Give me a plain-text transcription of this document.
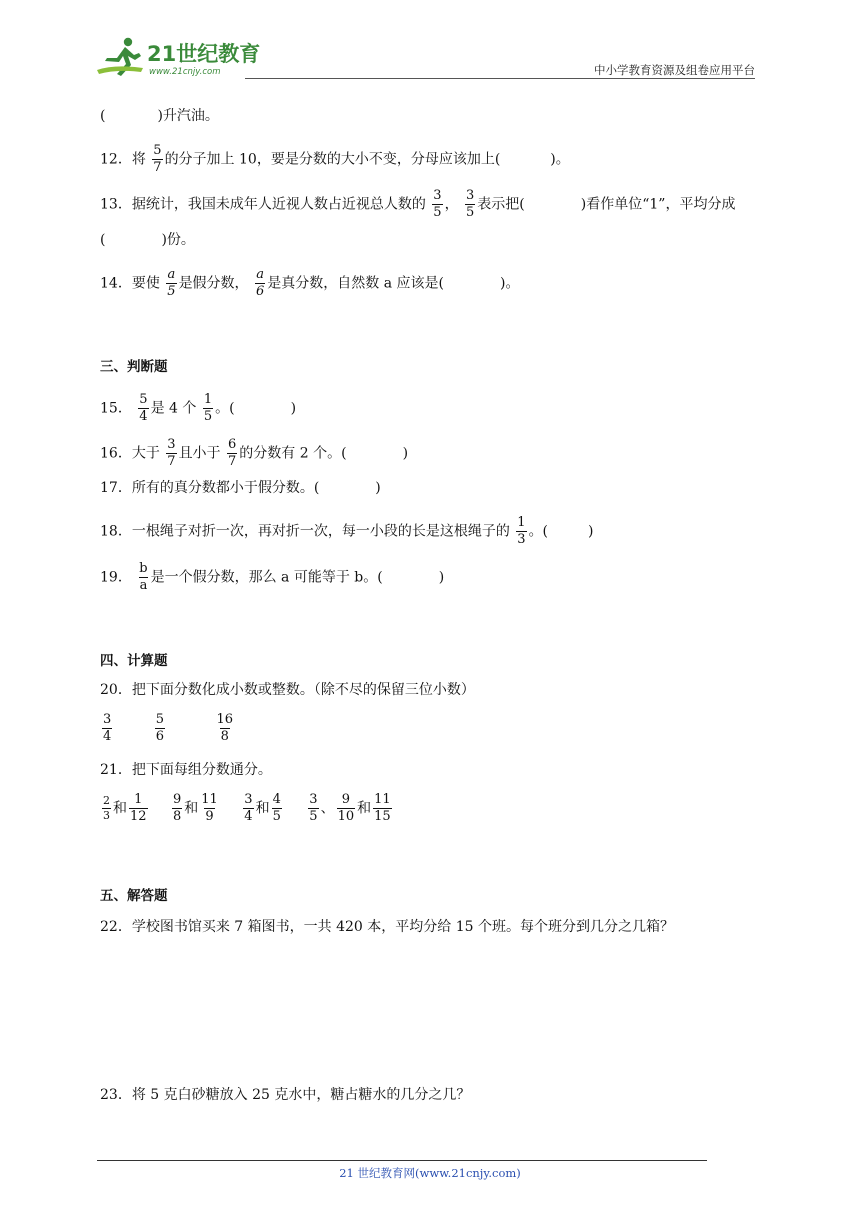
21世纪教育
www.21cnjy.com	中小学教育资源及组卷应用平台
(	)升汽油。
12．将 $\frac{5}{7}$ 的分子加上 10，要是分数的大小不变，分母应该加上(	)。
13．据统计，我国未成年人近视人数占近视总人数的 $\frac{3}{5}$ ， $\frac{3}{5}$ 表示把(	)看作单位“1”，平均分成
(	)份。
14．要使 $\frac{a}{5}$ 是假分数， $\frac{a}{6}$ 是真分数，自然数 a 应该是(	)。
三、判断题
15． $\frac{5}{4}$ 是 4 个 $\frac{1}{5}$ 。(	)
16．大于 $\frac{3}{7}$ 且小于 $\frac{6}{7}$ 的分数有 2 个。(	)
17．所有的真分数都小于假分数。(	)
18．一根绳子对折一次，再对折一次，每一小段的长是这根绳子的 $\frac{1}{3}$ 。(	)
19． $\frac{b}{a}$ 是一个假分数，那么 a 可能等于 b。(	)
四、计算题
20．把下面分数化成小数或整数。（除不尽的保留三位小数）
$\frac{3}{4}$
	$\frac{5}{6}$
	$\frac{16}{8}$
21．把下面每组分数通分。
$\frac{2}{3}$ 和 $\frac{1}{12}$
$\frac{9}{8}$ 和 $\frac{11}{9}$
$\frac{3}{4}$ 和 $\frac{4}{5}$
$\frac{3}{5}$ 、 $\frac{9}{10}$ 和 $\frac{11}{15}$
五、解答题
22．学校图书馆买来 7 箱图书，一共 420 本，平均分给 15 个班。每个班分到几分之几箱？
23．将 5 克白砂糖放入 25 克水中，糖占糖水的几分之几？
21 世纪教育网(www.21cnjy.com)
